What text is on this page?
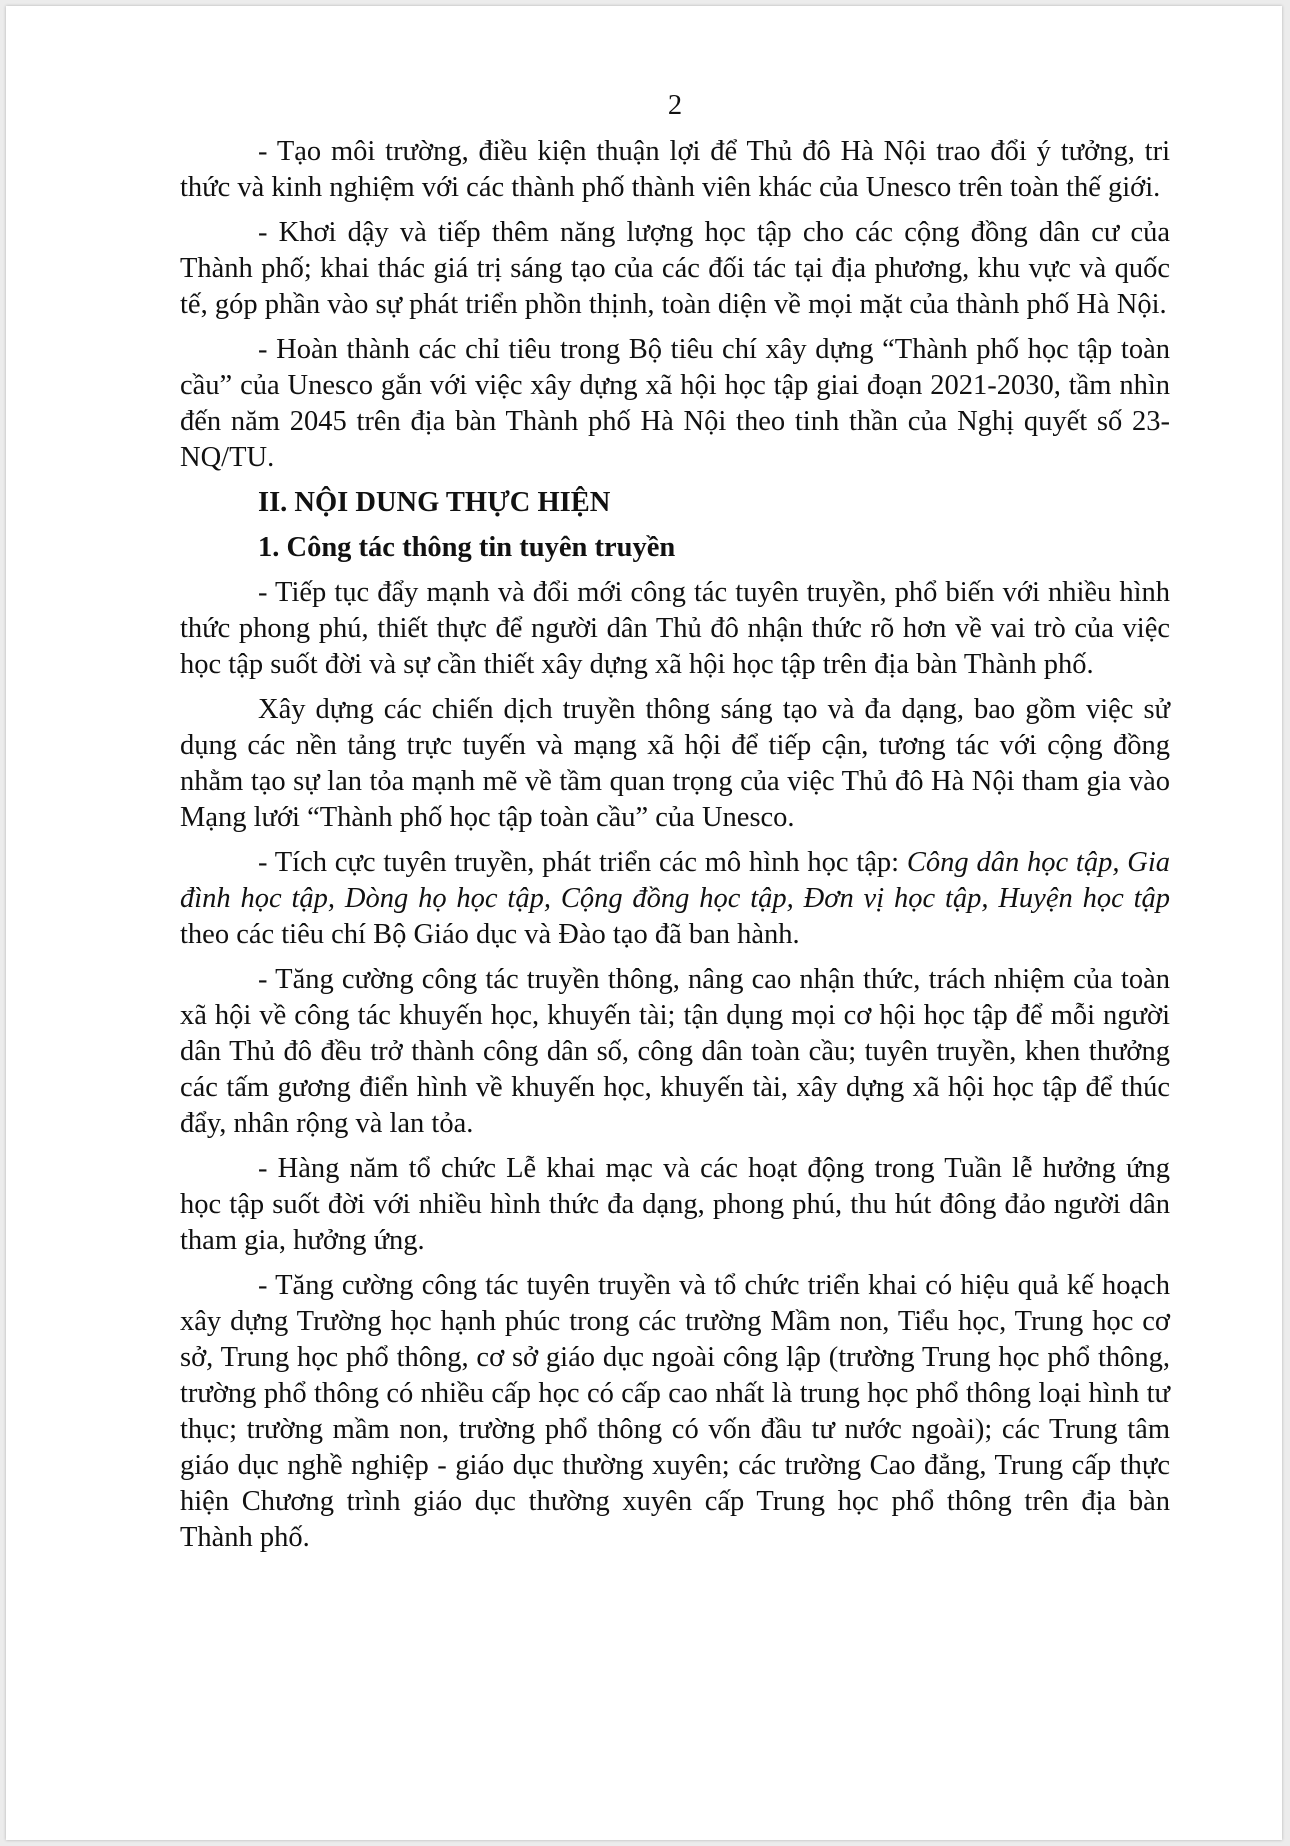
2

- Tạo môi trường, điều kiện thuận lợi để Thủ đô Hà Nội trao đổi ý tưởng, tri thức và kinh nghiệm với các thành phố thành viên khác của Unesco trên toàn thế giới.

- Khơi dậy và tiếp thêm năng lượng học tập cho các cộng đồng dân cư của Thành phố; khai thác giá trị sáng tạo của các đối tác tại địa phương, khu vực và quốc tế, góp phần vào sự phát triển phồn thịnh, toàn diện về mọi mặt của thành phố Hà Nội.

- Hoàn thành các chỉ tiêu trong Bộ tiêu chí xây dựng “Thành phố học tập toàn cầu” của Unesco gắn với việc xây dựng xã hội học tập giai đoạn 2021-2030, tầm nhìn đến năm 2045 trên địa bàn Thành phố Hà Nội theo tinh thần của Nghị quyết số 23-NQ/TU.

II. NỘI DUNG THỰC HIỆN
1. Công tác thông tin tuyên truyền

- Tiếp tục đẩy mạnh và đổi mới công tác tuyên truyền, phổ biến với nhiều hình thức phong phú, thiết thực để người dân Thủ đô nhận thức rõ hơn về vai trò của việc học tập suốt đời và sự cần thiết xây dựng xã hội học tập trên địa bàn Thành phố.

Xây dựng các chiến dịch truyền thông sáng tạo và đa dạng, bao gồm việc sử dụng các nền tảng trực tuyến và mạng xã hội để tiếp cận, tương tác với cộng đồng nhằm tạo sự lan tỏa mạnh mẽ về tầm quan trọng của việc Thủ đô Hà Nội tham gia vào Mạng lưới “Thành phố học tập toàn cầu” của Unesco.

- Tích cực tuyên truyền, phát triển các mô hình học tập: Công dân học tập, Gia đình học tập, Dòng họ học tập, Cộng đồng học tập, Đơn vị học tập, Huyện học tập theo các tiêu chí Bộ Giáo dục và Đào tạo đã ban hành.

- Tăng cường công tác truyền thông, nâng cao nhận thức, trách nhiệm của toàn xã hội về công tác khuyến học, khuyến tài; tận dụng mọi cơ hội học tập để mỗi người dân Thủ đô đều trở thành công dân số, công dân toàn cầu; tuyên truyền, khen thưởng các tấm gương điển hình về khuyến học, khuyến tài, xây dựng xã hội học tập để thúc đẩy, nhân rộng và lan tỏa.

- Hàng năm tổ chức Lễ khai mạc và các hoạt động trong Tuần lễ hưởng ứng học tập suốt đời với nhiều hình thức đa dạng, phong phú, thu hút đông đảo người dân tham gia, hưởng ứng.

- Tăng cường công tác tuyên truyền và tổ chức triển khai có hiệu quả kế hoạch xây dựng Trường học hạnh phúc trong các trường Mầm non, Tiểu học, Trung học cơ sở, Trung học phổ thông, cơ sở giáo dục ngoài công lập (trường Trung học phổ thông, trường phổ thông có nhiều cấp học có cấp cao nhất là trung học phổ thông loại hình tư thục; trường mầm non, trường phổ thông có vốn đầu tư nước ngoài); các Trung tâm giáo dục nghề nghiệp - giáo dục thường xuyên; các trường Cao đẳng, Trung cấp thực hiện Chương trình giáo dục thường xuyên cấp Trung học phổ thông trên địa bàn Thành phố.
